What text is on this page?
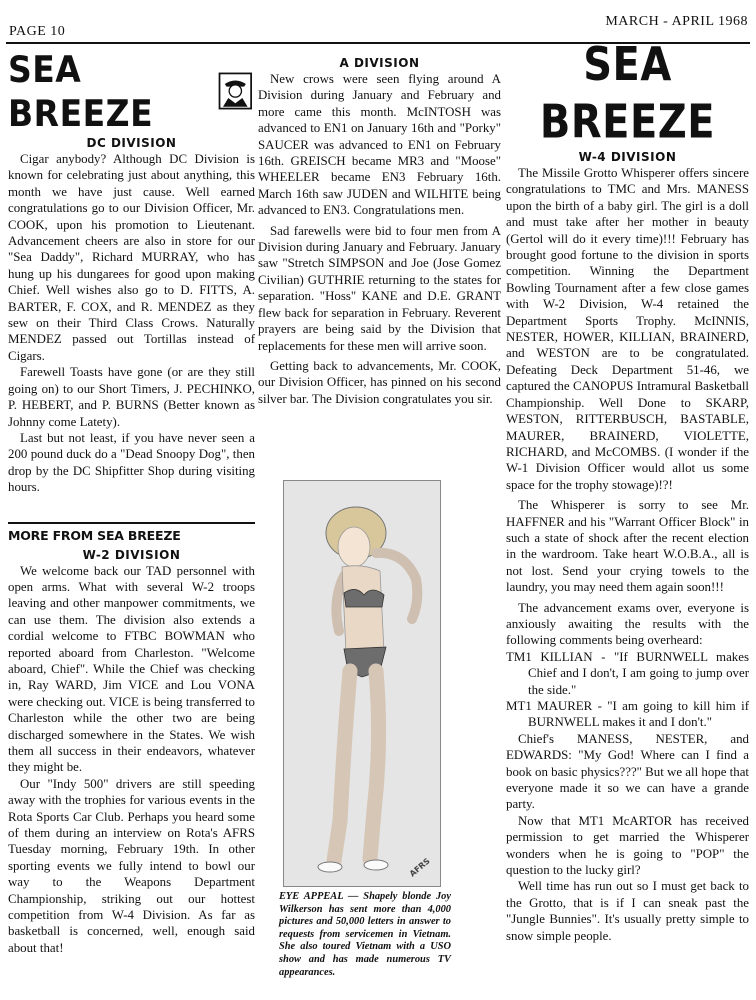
PAGE 10
MARCH - APRIL 1968
SEA BREEZE
DC DIVISION

Cigar anybody? Although DC Division is known for celebrating just about anything, this month we have just cause. Well earned congratulations go to our Division Officer, Mr. COOK, upon his promotion to Lieutenant. Advancement cheers are also in store for our "Sea Daddy", Richard MURRAY, who has hung up his dungarees for good upon making Chief. Well wishes also go to D. FITTS, A. BARTER, F. COX, and R. MENDEZ as they sew on their Third Class Crows. Naturally MENDEZ passed out Tortillas instead of Cigars.

Farewell Toasts have gone (or are they still going on) to our Short Timers, J. PECHINKO, P. HEBERT, and P. BURNS (Better known as Johnny come Latety).

Last but not least, if you have never seen a 200 pound duck do a "Dead Snoopy Dog", then drop by the DC Shipfitter Shop during visiting hours.

MORE FROM SEA BREEZE
W-2 DIVISION

We welcome back our TAD personnel with open arms. What with several W-2 troops leaving and other manpower commitments, we can use them. The division also extends a cordial welcome to FTBC BOWMAN who reported aboard from Charleston. "Welcome aboard, Chief". While the Chief was checking in, Ray WARD, Jim VICE and Lou VONA were checking out. VICE is being transferred to Charleston while the other two are being discharged somewhere in the States. We wish them all success in their endeavors, whatever they might be.

Our "Indy 500" drivers are still speeding away with the trophies for various events in the Rota Sports Car Club. Perhaps you heard some of them during an interview on Rota's AFRS Tuesday morning, February 19th. In other sporting events we fully intend to bowl our way to the Weapons Department Championship, striking out our hottest competition from W-4 Division. As far as basketball is concerned, well, enough said about that!

A DIVISION

New crows were seen flying around A Division during January and February and more came this month. McINTOSH was advanced to EN1 on January 16th and "Porky" SAUCER was advanced to EN1 on February 16th. GREISCH became MR3 and "Moose" WHEELER became EN3 February 16th. March 16th saw JUDEN and WILHITE being advanced to EN3. Congratulations men.

Sad farewells were bid to four men from A Division during January and February. January saw "Stretch SIMPSON and Joe (Jose Gomez Civilian) GUTHRIE returning to the states for separation. "Hoss" KANE and D.E. GRANT flew back for separation in February. Reverent prayers are being said by the Division that replacements for these men will arrive soon.

Getting back to advancements, Mr. COOK, our Division Officer, has pinned on his second silver bar. The Division congratulates you sir.

AFRS
EYE APPEAL — Shapely blonde Joy Wilkerson has sent more than 4,000 pictures and 50,000 letters in answer to requests from servicemen in Vietnam. She also toured Vietnam with a USO show and has made numerous TV appearances.
SEA BREEZE
W-4 DIVISION

The Missile Grotto Whisperer offers sincere congratulations to TMC and Mrs. MANESS upon the birth of a baby girl. The girl is a doll and must take after her mother in beauty (Gertol will do it every time)!!! February has brought good fortune to the division in sports competition. Winning the Department Bowling Tournament after a few close games with W-2 Division, W-4 retained the Department Sports Trophy. McINNIS, NESTER, HOWER, KILLIAN, BRAINERD, and WESTON are to be congratulated. Defeating Deck Department 51-46, we captured the CANOPUS Intramural Basketball Championship. Well Done to SKARP, WESTON, RITTERBUSCH, BASTABLE, MAURER, BRAINERD, VIOLETTE, RICHARD, and McCOMBS. (I wonder if the W-1 Division Officer would allot us some space for the trophy stowage)!?!

The Whisperer is sorry to see Mr. HAFFNER and his "Warrant Officer Block" in such a state of shock after the recent election in the wardroom. Take heart W.O.B.A., all is not lost. Send your crying towels to the laundry, you may need them again soon!!!

The advancement exams over, everyone is anxiously awaiting the results with the following comments being overheard:

TM1 KILLIAN - "If BURNWELL makes Chief and I don't, I am going to jump over the side."

MT1 MAURER - "I am going to kill him if BURNWELL makes it and I don't."

Chief's MANESS, NESTER, and EDWARDS: "My God! Where can I find a book on basic physics???" But we all hope that everyone made it so we can have a grande party.

Now that MT1 McARTOR has received permission to get married the Whisperer wonders when he is going to "POP" the question to the lucky girl?

Well time has run out so I must get back to the Grotto, that is if I can sneak past the "Jungle Bunnies". It's usually pretty simple to snow simple people.
